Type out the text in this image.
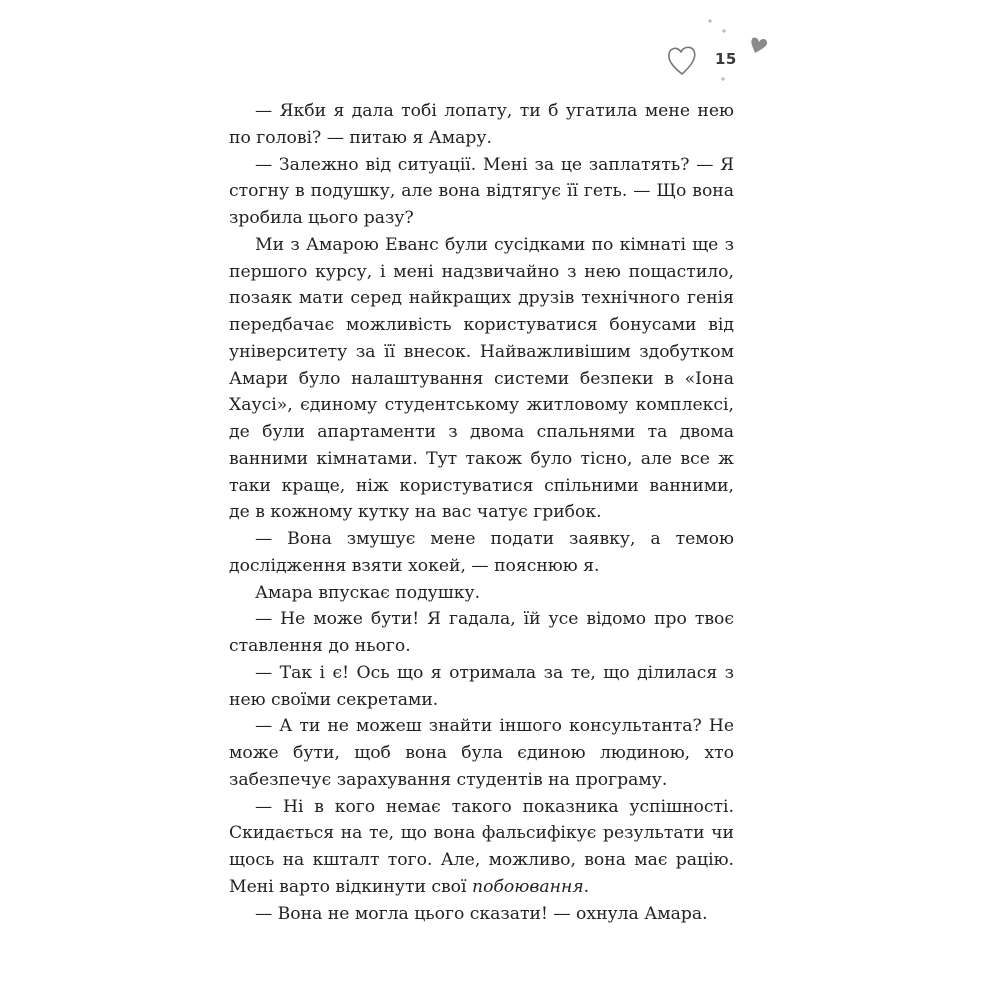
15

— Якби я дала тобі лопату, ти б угатила мене нею по голові? — питаю я Амару.

— Залежно від ситуації. Мені за це заплатять? — Я стогну в подушку, але вона відтягує її геть. — Що вона зробила цього разу?

Ми з Амарою Еванс були сусідками по кімнаті ще з першого курсу, і мені надзвичайно з нею пощастило, позаяк мати серед найкращих друзів технічного генія передбачає можливість користуватися бонусами від університету за її внесок. Найважливішим здобутком Амари було налаштування системи безпеки в «Іона Хаусі», єдиному студентському житловому комплексі, де були апартаменти з двома спальнями та двома ванними кімнатами. Тут також було тісно, але все ж таки краще, ніж користуватися спільними ванними, де в кожному кутку на вас чатує грибок.

— Вона змушує мене подати заявку, а темою дослідження взяти хокей, — пояснюю я.

Амара впускає подушку.

— Не може бути! Я гадала, їй усе відомо про твоє ставлення до нього.

— Так і є! Ось що я отримала за те, що ділилася з нею своїми секретами.

— А ти не можеш знайти іншого консультанта? Не може бути, щоб вона була єдиною людиною, хто забезпечує зарахування студентів на програму.

— Ні в кого немає такого показника успішності. Скидається на те, що вона фальсифікує результати чи щось на кшталт того. Але, можливо, вона має рацію. Мені варто відкинути свої побоювання.

— Вона не могла цього сказати! — охнула Амара.
